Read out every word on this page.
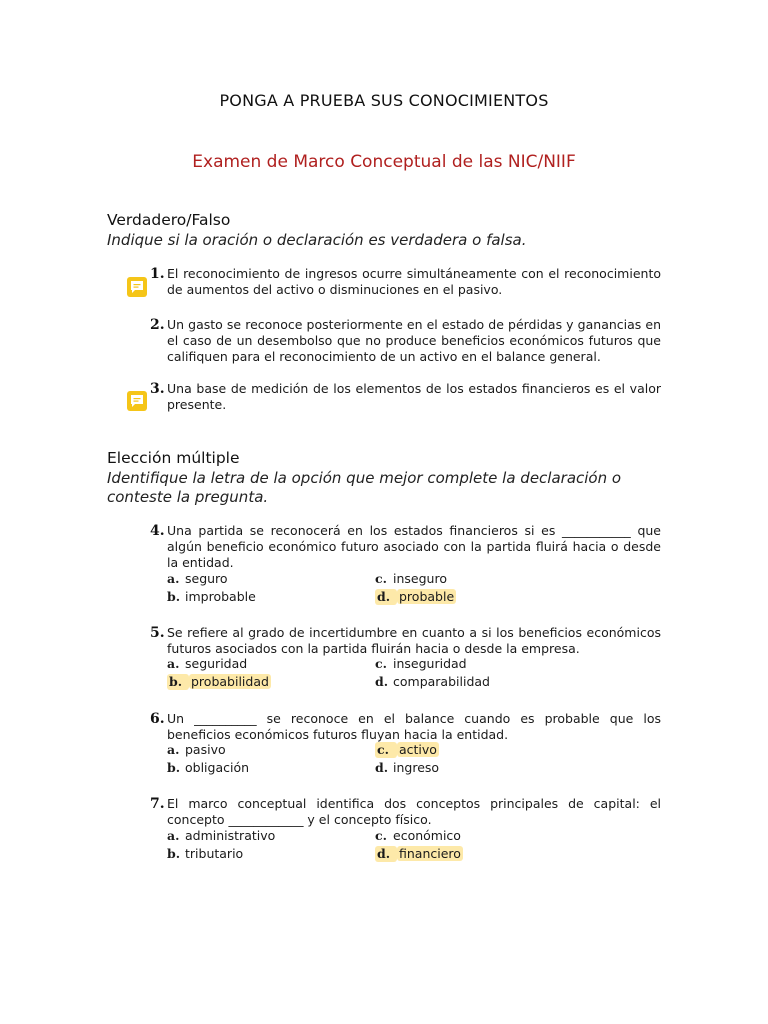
PONGA A PRUEBA SUS CONOCIMIENTOS
Examen de Marco Conceptual de las NIC/NIIF
Verdadero/Falso
Indique si la oración o declaración es verdadera o falsa.
1. El reconocimiento de ingresos ocurre simultáneamente con el reconocimiento de aumentos del activo o disminuciones en el pasivo.
2. Un gasto se reconoce posteriormente en el estado de pérdidas y ganancias en el caso de un desembolso que no produce beneficios económicos futuros que califiquen para el reconocimiento de un activo en el balance general.
3. Una base de medición de los elementos de los estados financieros es el valor presente.
Elección múltiple
Identifique la letra de la opción que mejor complete la declaración o conteste la pregunta.
4. Una partida se reconocerá en los estados financieros si es ___________ que algún beneficio económico futuro asociado con la partida fluirá hacia o desde la entidad.
a. seguro	c. inseguro
b. improbable	d. probable
5. Se refiere al grado de incertidumbre en cuanto a si los beneficios económicos futuros asociados con la partida fluirán hacia o desde la empresa.
a. seguridad	c. inseguridad
b. probabilidad	d. comparabilidad
6. Un __________ se reconoce en el balance cuando es probable que los beneficios económicos futuros fluyan hacia la entidad.
a. pasivo	c. activo
b. obligación	d. ingreso
7. El marco conceptual identifica dos conceptos principales de capital: el concepto ____________ y el concepto físico.
a. administrativo	c. económico
b. tributario	d. financiero
